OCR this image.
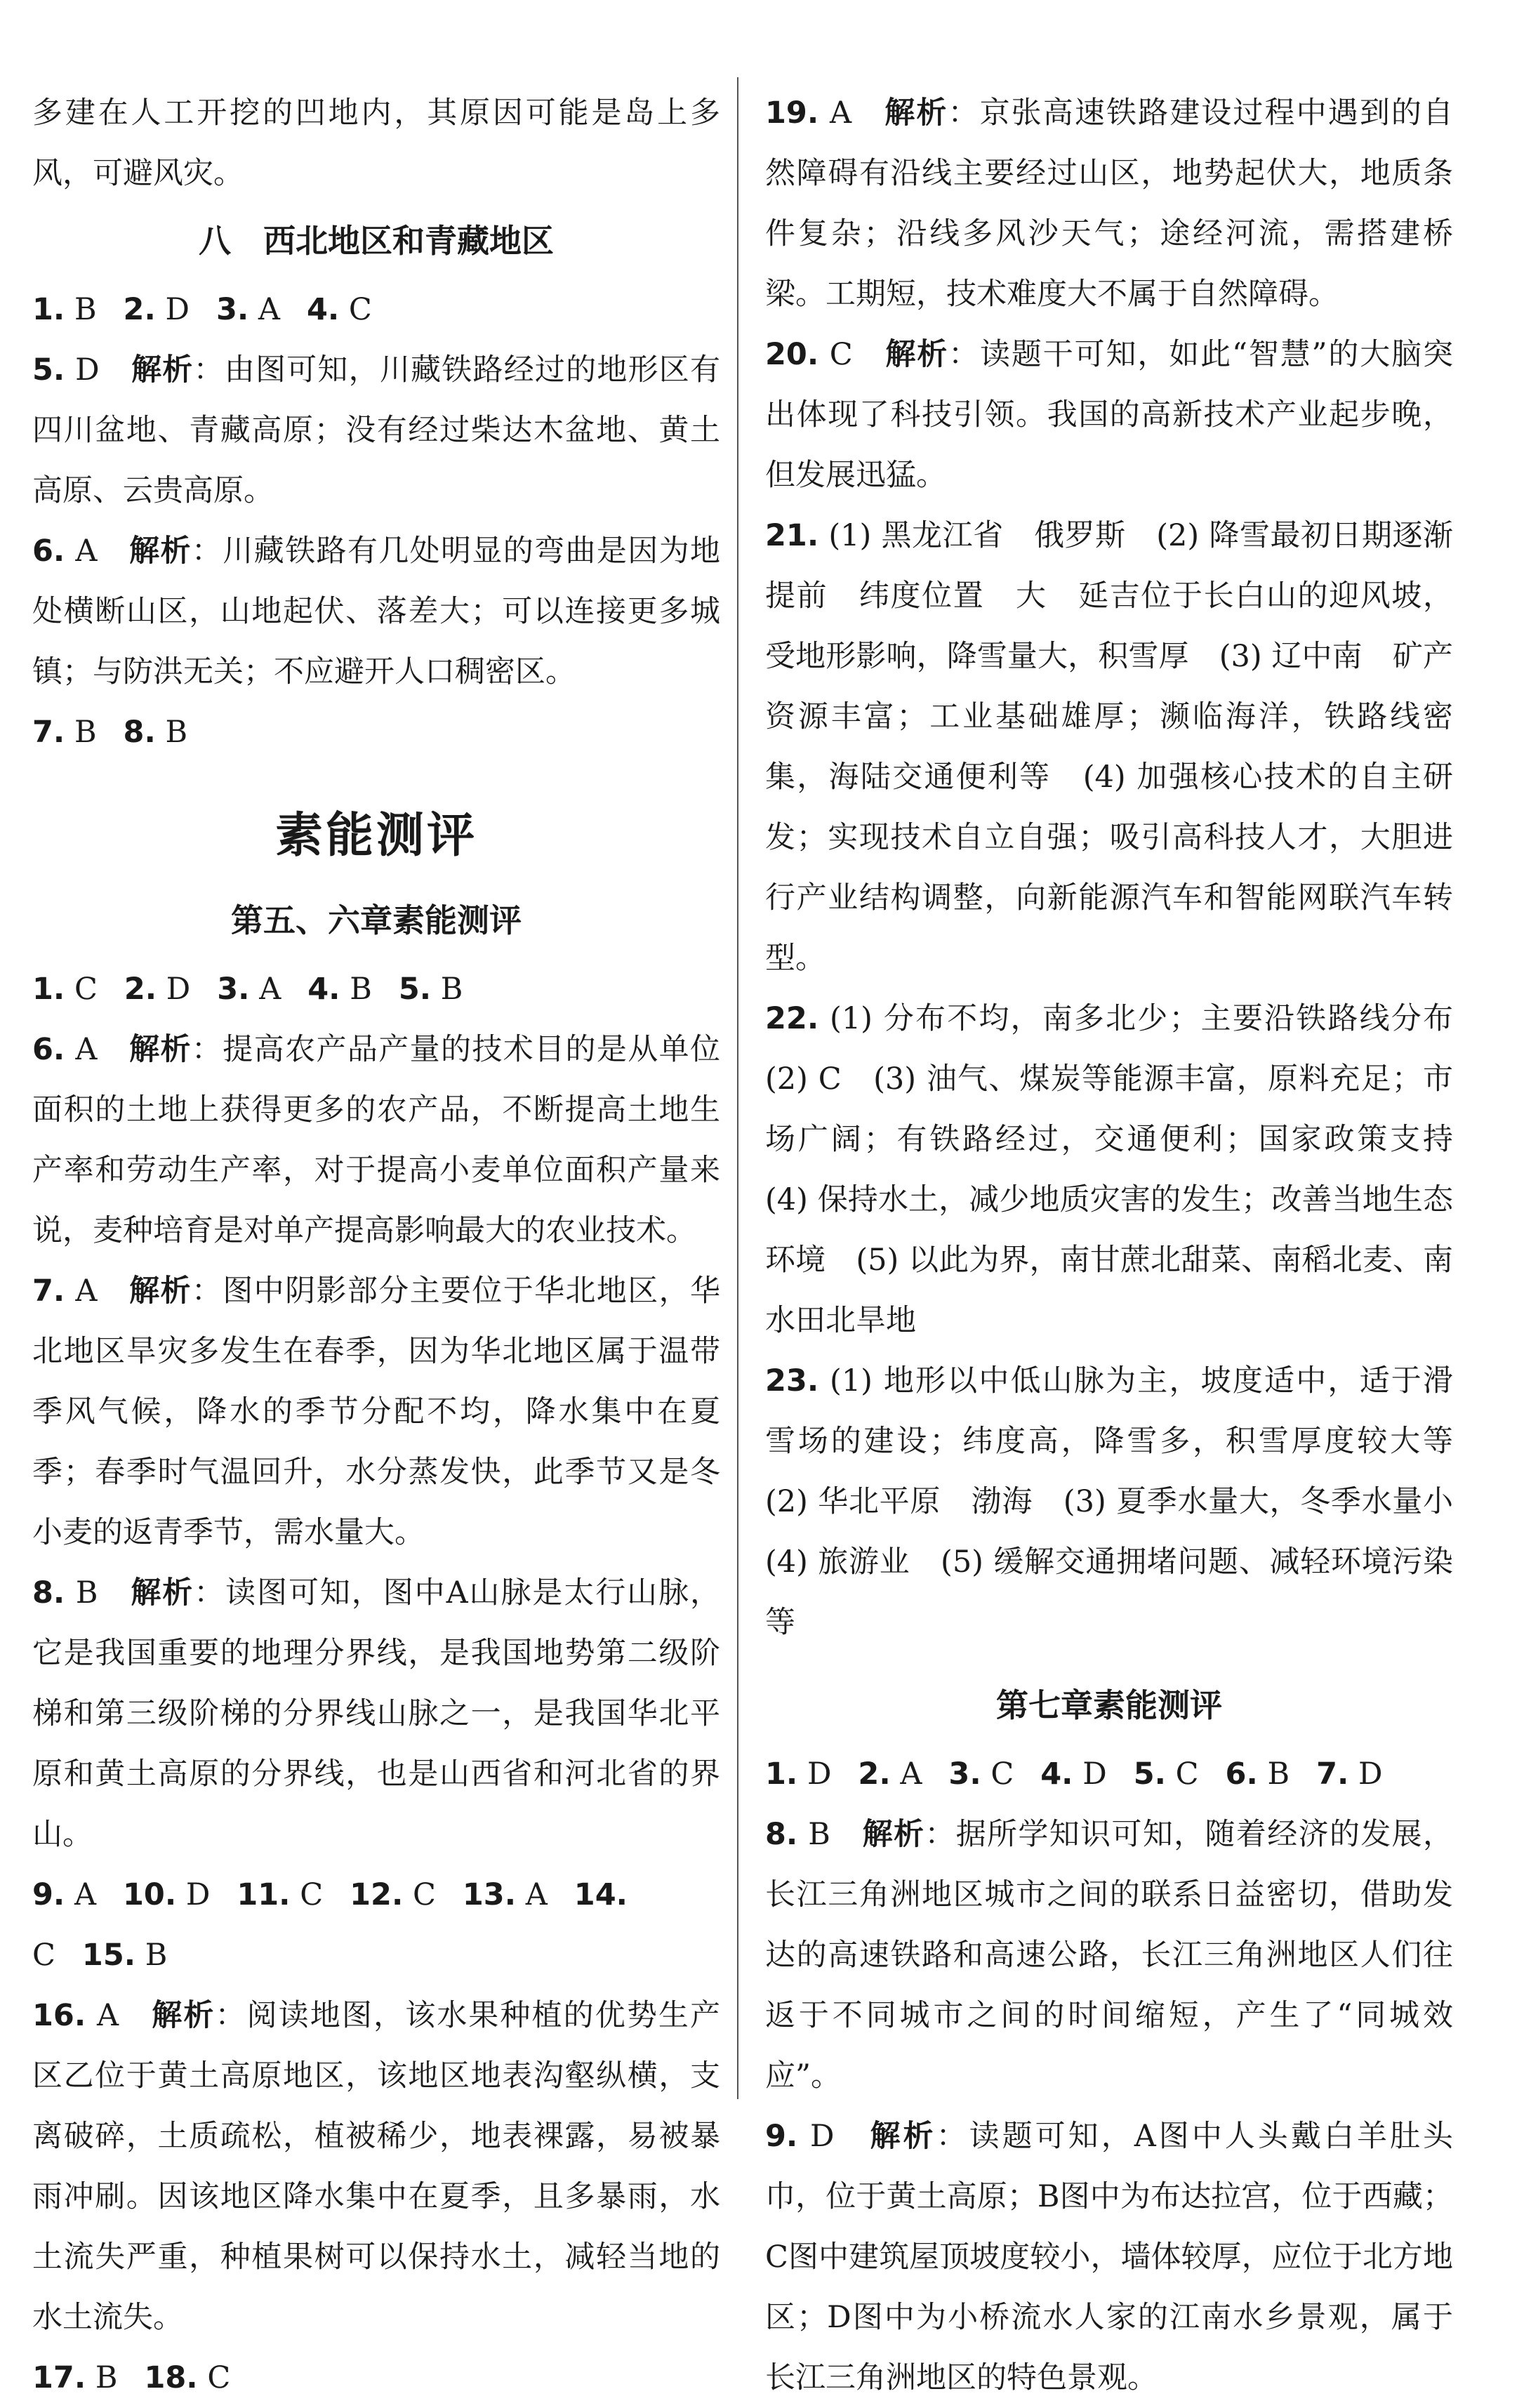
多建在人工开挖的凹地内，其原因可能是岛上多风，可避风灾。

八　西北地区和青藏地区

1. B 2. D 3. A 4. C

5. D　 解析：由图可知，川藏铁路经过的地形区有四川盆地、青藏高原；没有经过柴达木盆地、黄土高原、云贵高原。

6. A　 解析：川藏铁路有几处明显的弯曲是因为地处横断山区，山地起伏、落差大；可以连接更多城镇；与防洪无关；不应避开人口稠密区。

7. B 8. B

素能测评
第五、六章素能测评

1. C 2. D 3. A 4. B 5. B

6. A　 解析：提高农产品产量的技术目的是从单位面积的土地上获得更多的农产品，不断提高土地生产率和劳动生产率，对于提高小麦单位面积产量来说，麦种培育是对单产提高影响最大的农业技术。

7. A　 解析：图中阴影部分主要位于华北地区，华北地区旱灾多发生在春季，因为华北地区属于温带季风气候，降水的季节分配不均，降水集中在夏季；春季时气温回升，水分蒸发快，此季节又是冬小麦的返青季节，需水量大。

8. B　 解析：读图可知，图中A山脉是太行山脉，它是我国重要的地理分界线，是我国地势第二级阶梯和第三级阶梯的分界线山脉之一，是我国华北平原和黄土高原的分界线，也是山西省和河北省的界山。

9. A 10. D 11. C 12. C 13. A 14. C 15. B

16. A　 解析：阅读地图，该水果种植的优势生产区乙位于黄土高原地区，该地区地表沟壑纵横，支离破碎，土质疏松，植被稀少，地表裸露，易被暴雨冲刷。因该地区降水集中在夏季，且多暴雨，水土流失严重，种植果树可以保持水土，减轻当地的水土流失。

17. B 18. C

19. A　 解析：京张高速铁路建设过程中遇到的自然障碍有沿线主要经过山区，地势起伏大，地质条件复杂；沿线多风沙天气；途经河流，需搭建桥梁。工期短，技术难度大不属于自然障碍。

20. C　 解析：读题干可知，如此“智慧”的大脑突出体现了科技引领。我国的高新技术产业起步晚，但发展迅猛。

21. (1) 黑龙江省　俄罗斯　(2) 降雪最初日期逐渐提前　纬度位置　大　延吉位于长白山的迎风坡，受地形影响，降雪量大，积雪厚　(3) 辽中南　矿产资源丰富；工业基础雄厚；濒临海洋，铁路线密集，海陆交通便利等　(4) 加强核心技术的自主研发；实现技术自立自强；吸引高科技人才，大胆进行产业结构调整，向新能源汽车和智能网联汽车转型。

22. (1) 分布不均，南多北少；主要沿铁路线分布　(2) C　(3) 油气、煤炭等能源丰富，原料充足；市场广阔；有铁路经过，交通便利；国家政策支持　(4) 保持水土，减少地质灾害的发生；改善当地生态环境　(5) 以此为界，南甘蔗北甜菜、南稻北麦、南水田北旱地

23. (1) 地形以中低山脉为主，坡度适中，适于滑雪场的建设；纬度高，降雪多，积雪厚度较大等　(2) 华北平原　渤海　(3) 夏季水量大，冬季水量小　(4) 旅游业　(5) 缓解交通拥堵问题、减轻环境污染等

第七章素能测评

1. D 2. A 3. C 4. D 5. C 6. B 7. D

8. B　 解析：据所学知识可知，随着经济的发展，长江三角洲地区城市之间的联系日益密切，借助发达的高速铁路和高速公路，长江三角洲地区人们往返于不同城市之间的时间缩短，产生了“同城效应”。

9. D　 解析：读题可知，A图中人头戴白羊肚头巾，位于黄土高原；B图中为布达拉宫，位于西藏；C图中建筑屋顶坡度较小，墙体较厚，应位于北方地区；D图中为小桥流水人家的江南水乡景观，属于长江三角洲地区的特色景观。
